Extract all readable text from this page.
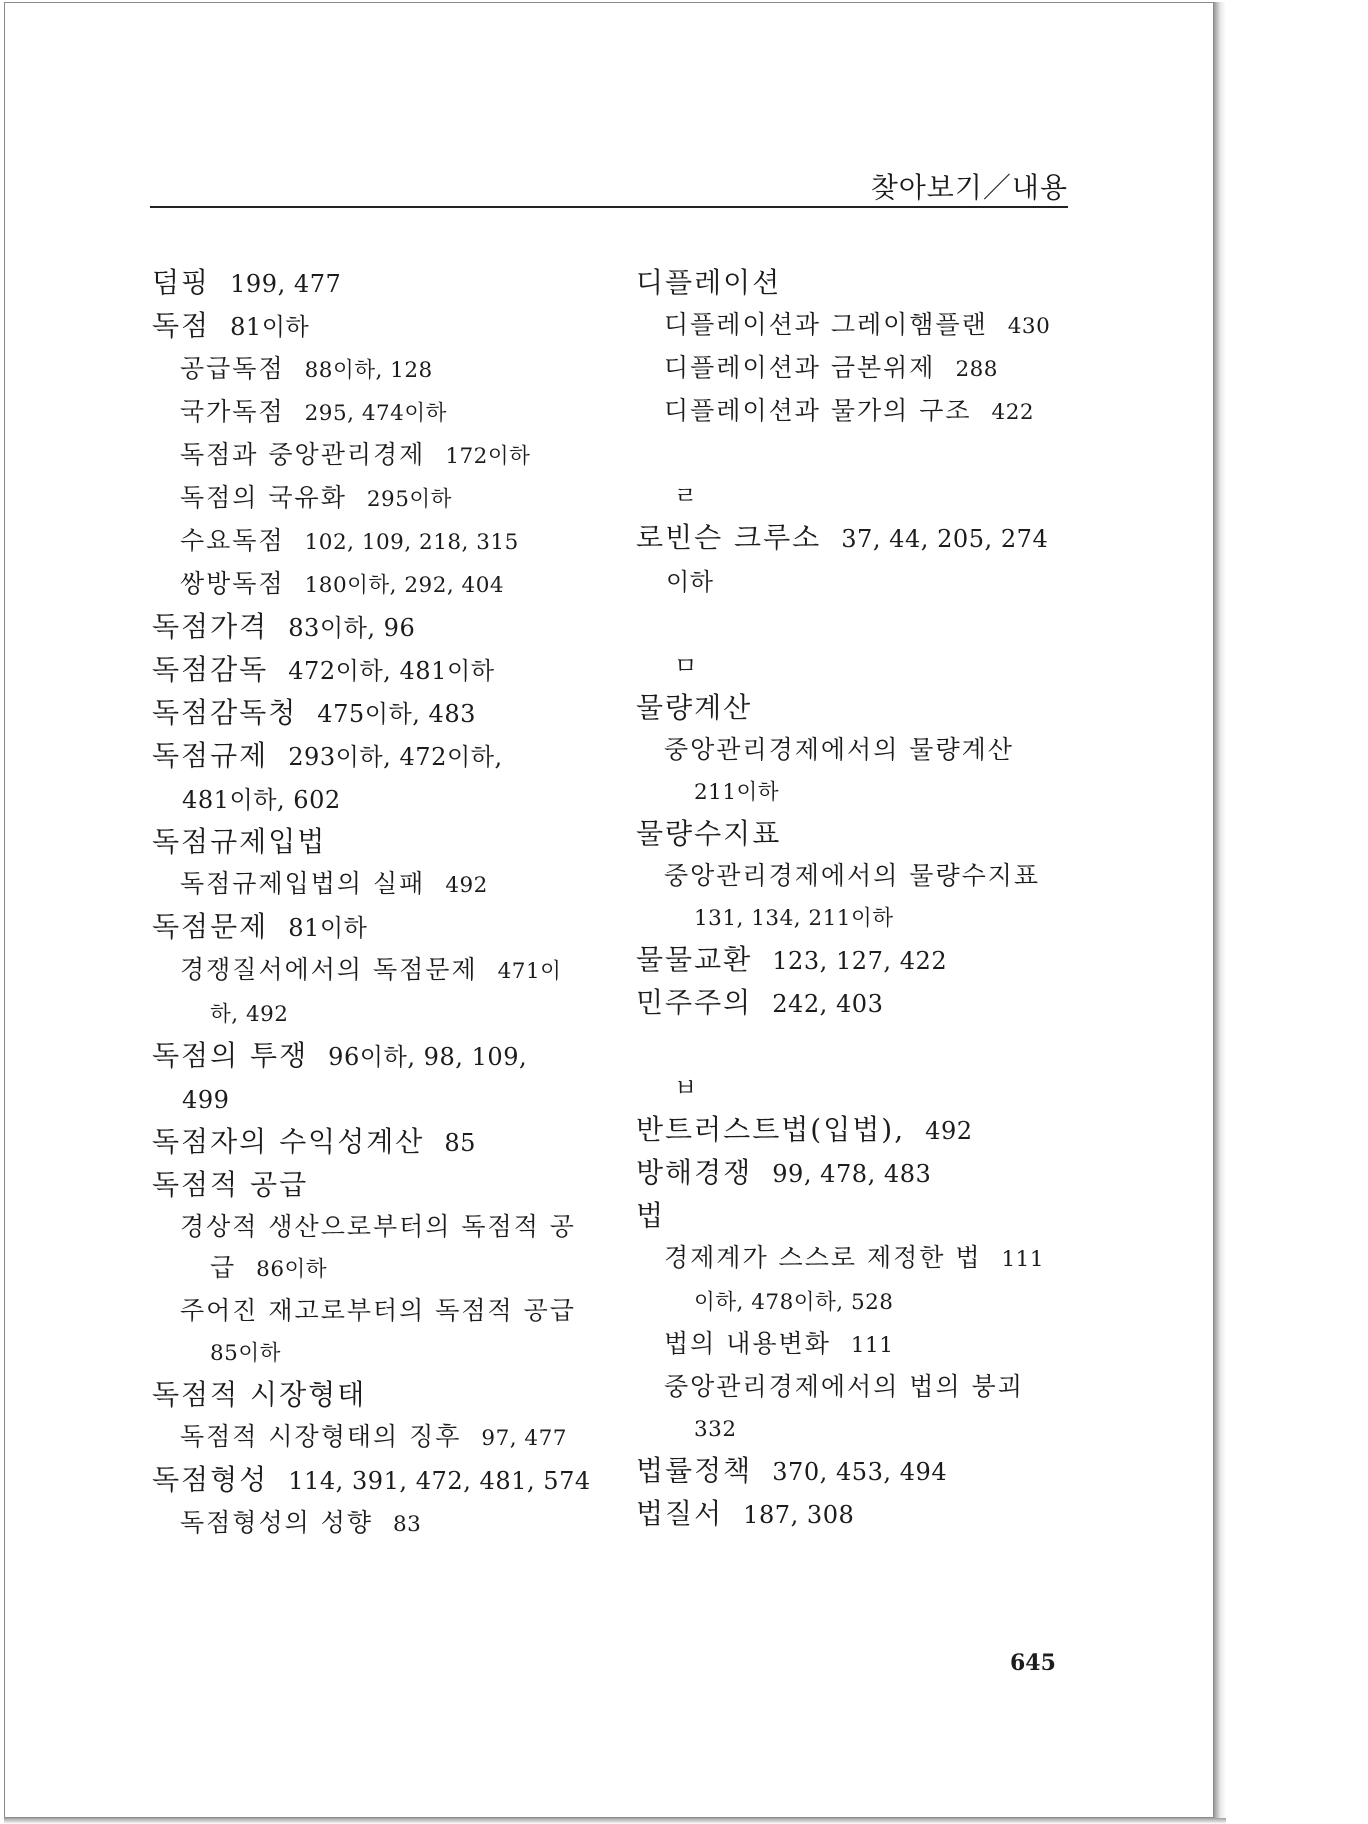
찾아보기／내용
덤핑 199, 477
독점 81이하
공급독점 88이하, 128
국가독점 295, 474이하
독점과 중앙관리경제 172이하
독점의 국유화 295이하
수요독점 102, 109, 218, 315
쌍방독점 180이하, 292, 404
독점가격 83이하, 96
독점감독 472이하, 481이하
독점감독청 475이하, 483
독점규제 293이하, 472이하,
481이하, 602
독점규제입법
독점규제입법의 실패 492
독점문제 81이하
경쟁질서에서의 독점문제 471이
하, 492
독점의 투쟁 96이하, 98, 109,
499
독점자의 수익성계산 85
독점적 공급
경상적 생산으로부터의 독점적 공
급 86이하
주어진 재고로부터의 독점적 공급
85이하
독점적 시장형태
독점적 시장형태의 징후 97, 477
독점형성 114, 391, 472, 481, 574
독점형성의 성향 83
디플레이션
디플레이션과 그레이햄플랜 430
디플레이션과 금본위제 288
디플레이션과 물가의 구조 422
ㄹ
로빈슨 크루소 37, 44, 205, 274
이하
ㅁ
물량계산
중앙관리경제에서의 물량계산
211이하
물량수지표
중앙관리경제에서의 물량수지표
131, 134, 211이하
물물교환 123, 127, 422
민주주의 242, 403
ㅂ
반트러스트법(입법), 492
방해경쟁 99, 478, 483
법
경제계가 스스로 제정한 법 111
이하, 478이하, 528
법의 내용변화 111
중앙관리경제에서의 법의 붕괴
332
법률정책 370, 453, 494
법질서 187, 308
645
